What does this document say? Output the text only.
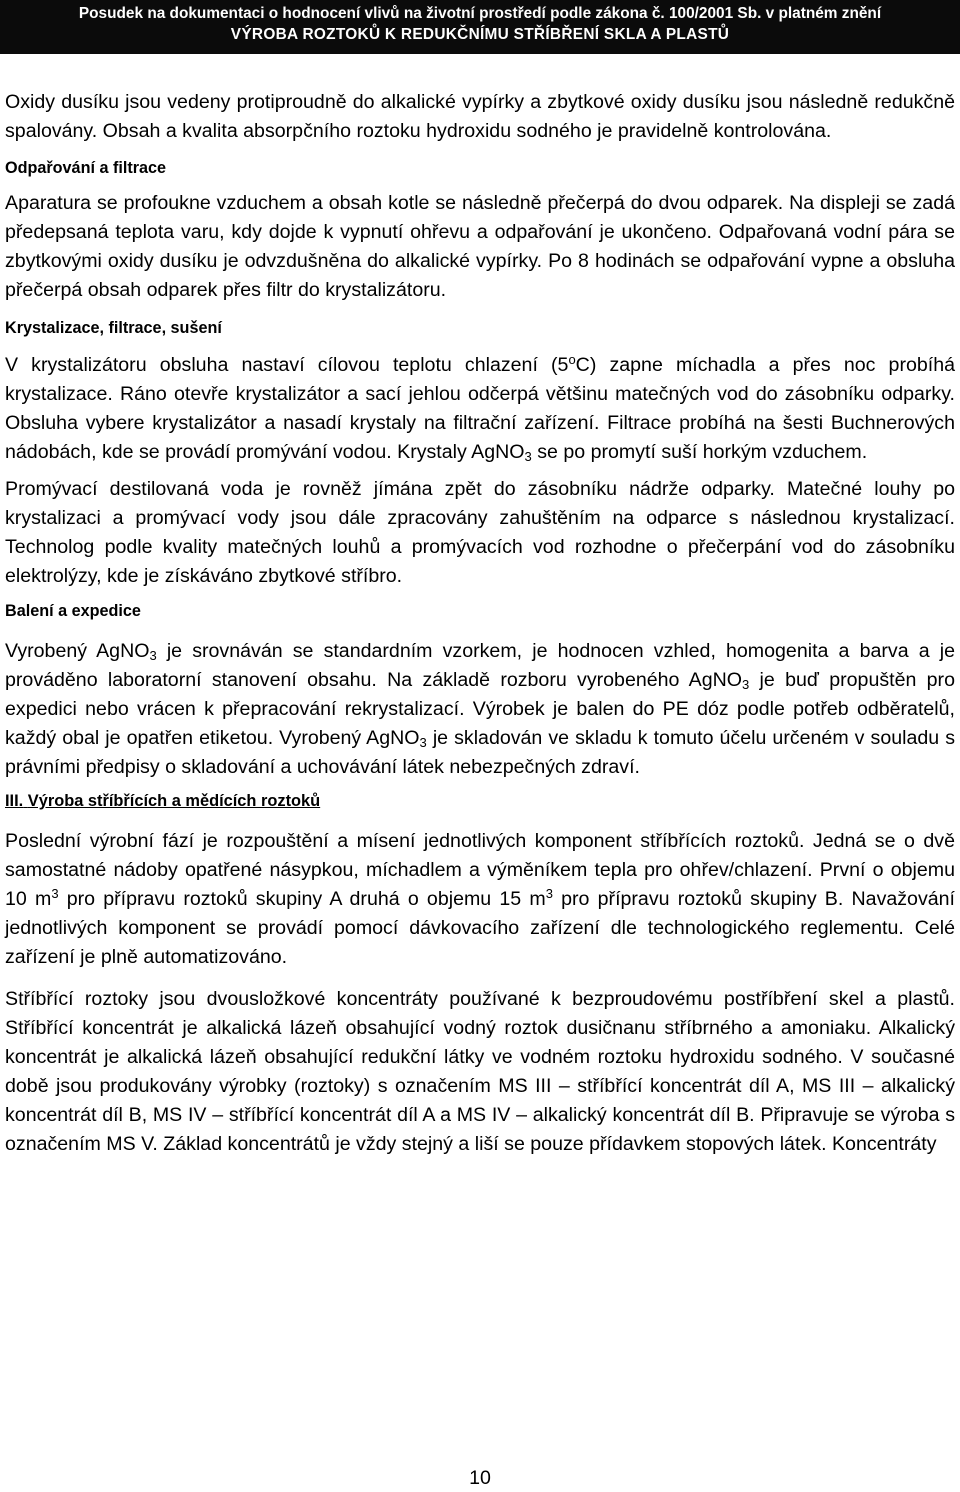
Posudek na dokumentaci o hodnocení vlivů na životní prostředí podle zákona č. 100/2001 Sb. v platném znění
VÝROBA ROZTOKŮ K REDUKČNÍMU STŘÍBŘENÍ SKLA A PLASTŮ

Oxidy dusíku jsou vedeny protiproudně do alkalické vypírky a zbytkové oxidy dusíku jsou následně redukčně spalovány. Obsah a kvalita absorpčního roztoku hydroxidu sodného je pravidelně kontrolována.

Odpařování a filtrace

Aparatura se profoukne vzduchem a obsah kotle se následně přečerpá do dvou odparek. Na displeji se zadá předepsaná teplota varu, kdy dojde k vypnutí ohřevu a odpařování je ukončeno. Odpařovaná vodní pára se zbytkovými oxidy dusíku je odvzdušněna do alkalické vypírky. Po 8 hodinách se odpařování vypne a obsluha přečerpá obsah odparek přes filtr do krystalizátoru.

Krystalizace, filtrace, sušení

V krystalizátoru obsluha nastaví cílovou teplotu chlazení (5$^o$C) zapne míchadla a přes noc probíhá krystalizace. Ráno otevře krystalizátor a sací jehlou odčerpá většinu matečných vod do zásobníku odparky. Obsluha vybere krystalizátor a nasadí krystaly na filtrační zařízení. Filtrace probíhá na šesti Buchnerových nádobách, kde se provádí promývání vodou. Krystaly AgNO$_3$ se po promytí suší horkým vzduchem.

Promývací destilovaná voda je rovněž jímána zpět do zásobníku nádrže odparky. Matečné louhy po krystalizaci a promývací vody jsou dále zpracovány zahuštěním na odparce s následnou krystalizací. Technolog podle kvality matečných louhů a promývacích vod rozhodne o přečerpání vod do zásobníku elektrolýzy, kde je získáváno zbytkové stříbro.

Balení a expedice

Vyrobený AgNO$_3$ je srovnáván se standardním vzorkem, je hodnocen vzhled, homogenita a barva a je prováděno laboratorní stanovení obsahu. Na základě rozboru vyrobeného AgNO$_3$ je buď propuštěn pro expedici nebo vrácen k přepracování rekrystalizací. Výrobek je balen do PE dóz podle potřeb odběratelů, každý obal je opatřen etiketou. Vyrobený AgNO$_3$ je skladován ve skladu k tomuto účelu určeném v souladu s právními předpisy o skladování a uchovávání látek nebezpečných zdraví.

III. Výroba stříbřících a mědících roztoků

Poslední výrobní fází je rozpouštění a mísení jednotlivých komponent stříbřících roztoků. Jedná se o dvě samostatné nádoby opatřené násypkou, míchadlem a výměníkem tepla pro ohřev/chlazení. První o objemu 10 $m^3$ pro přípravu roztoků skupiny A druhá o objemu 15 $m^3$ pro přípravu roztoků skupiny B. Navažování jednotlivých komponent se provádí pomocí dávkovacího zařízení dle technologického reglementu. Celé zařízení je plně automatizováno.

Stříbřící roztoky jsou dvousložkové koncentráty používané k bezproudovému postříbření skel a plastů. Stříbřící koncentrát je alkalická lázeň obsahující vodný roztok dusičnanu stříbrného a amoniaku. Alkalický koncentrát je alkalická lázeň obsahující redukční látky ve vodném roztoku hydroxidu sodného. V současné době jsou produkovány výrobky (roztoky) s označením MS III – stříbřící koncentrát díl A, MS III – alkalický koncentrát díl B, MS IV – stříbřící koncentrát díl A a MS IV – alkalický koncentrát díl B. Připravuje se výroba s označením MS V. Základ koncentrátů je vždy stejný a liší se pouze přídavkem stopových látek. Koncentráty

10
